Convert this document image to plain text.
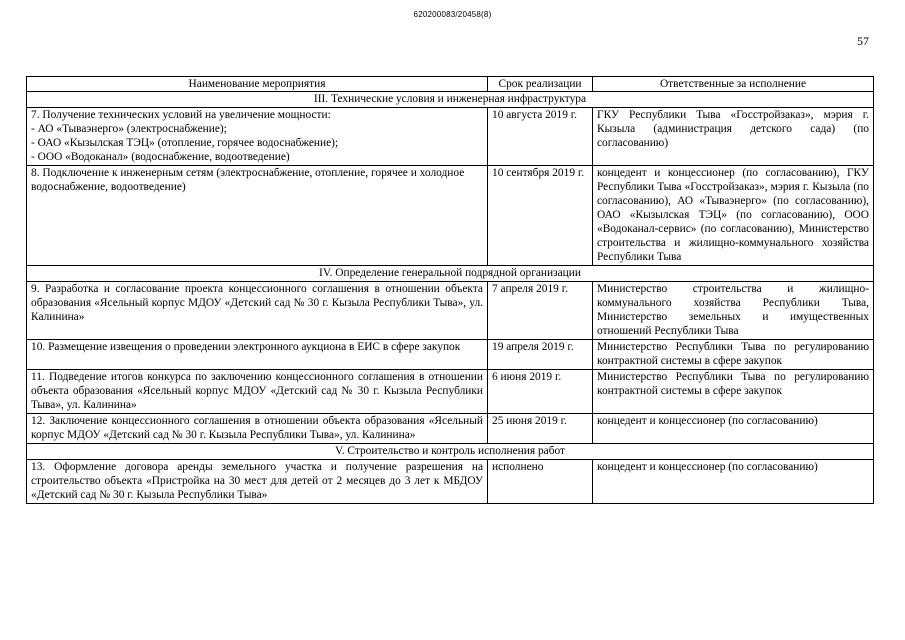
620200083/20458(8)
57
Наименование мероприятия	Срок реализации	Ответственные за исполнение
III. Технические условия и инженерная инфраструктура		

7. Получение технических условий на увеличение мощности:
- АО «Тываэнерго» (электроснабжение);
- ОАО «Кызылская ТЭЦ» (отопление, горячее водоснабжение);
- ООО «Водоканал» (водоснабжение, водоотведение)	10 августа 2019 г.	ГКУ Республики Тыва «Госстройзаказ», мэрия г. Кызыла (администрация детского сада) (по согласованию)
8. Подключение к инженерным сетям (электроснабжение, отопление, горячее и холодное водоснабжение, водоотведение)	10 сентября 2019 г.	концедент и концессионер (по согласованию), ГКУ Республики Тыва «Госстройзаказ», мэрия г. Кызыла (по согласованию), АО «Тываэнерго» (по согласованию), ОАО «Кызылская ТЭЦ» (по согласованию), ООО «Водоканал-сервис» (по согласованию), Министерство строительства и жилищно-коммунального хозяйства Республики Тыва
IV. Определение генеральной подрядной организации		
9. Разработка и согласование проекта концессионного соглашения в отношении объекта образования «Ясельный корпус МДОУ «Детский сад № 30 г. Кызыла Республики Тыва», ул. Калинина»	7 апреля 2019 г.	Министерство строительства и жилищно-коммунального хозяйства Республики Тыва, Министерство земельных и имущественных отношений Республики Тыва
10. Размещение извещения о проведении электронного аукциона в ЕИС в сфере закупок	19 апреля 2019 г.	Министерство Республики Тыва по регулированию контрактной системы в сфере закупок
11. Подведение итогов конкурса по заключению концессионного соглашения в отношении объекта образования «Ясельный корпус МДОУ «Детский сад № 30 г. Кызыла Республики Тыва», ул. Калинина»	6 июня 2019 г.	Министерство Республики Тыва по регулированию контрактной системы в сфере закупок
12. Заключение концессионного соглашения в отношении объекта образования «Ясельный корпус МДОУ «Детский сад № 30 г. Кызыла Республики Тыва», ул. Калинина»	25 июня 2019 г.	концедент и концессионер (по согласованию)
V. Строительство и контроль исполнения работ		
13. Оформление договора аренды земельного участка и получение разрешения на строительство объекта «Пристройка на 30 мест для детей от 2 месяцев до 3 лет к МБДОУ «Детский сад № 30 г. Кызыла Республики Тыва»	исполнено	концедент и концессионер (по согласованию)
